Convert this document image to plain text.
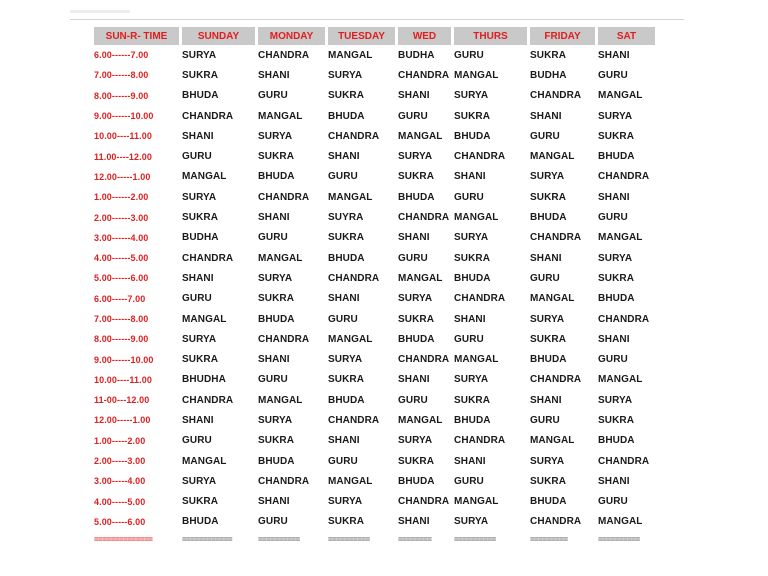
SUN-R- TIME	SUNDAY	MONDAY	TUESDAY	WED	THURS	FRIDAY	SAT
6.00------7.00	SURYA	CHANDRA	MANGAL	BUDHA	GURU	SUKRA	SHANI
7.00------8.00	SUKRA	SHANI	SURYA	CHANDRA	MANGAL	BUDHA	GURU
8.00------9.00	BHUDA	GURU	SUKRA	SHANI	SURYA	CHANDRA	MANGAL
9.00------10.00	CHANDRA	MANGAL	BHUDA	GURU	SUKRA	SHANI	SURYA
10.00----11.00	SHANI	SURYA	CHANDRA	MANGAL	BHUDA	GURU	SUKRA
11.00----12.00	GURU	SUKRA	SHANI	SURYA	CHANDRA	MANGAL	BHUDA
12.00-----1.00	MANGAL	BHUDA	GURU	SUKRA	SHANI	SURYA	CHANDRA
1.00------2.00	SURYA	CHANDRA	MANGAL	BHUDA	GURU	SUKRA	SHANI
2.00------3.00	SUKRA	SHANI	SUYRA	CHANDRA	MANGAL	BHUDA	GURU
3.00------4.00	BUDHA	GURU	SUKRA	SHANI	SURYA	CHANDRA	MANGAL
4.00------5.00	CHANDRA	MANGAL	BHUDA	GURU	SUKRA	SHANI	SURYA
5.00------6.00	SHANI	SURYA	CHANDRA	MANGAL	BHUDA	GURU	SUKRA
6.00-----7.00	GURU	SUKRA	SHANI	SURYA	CHANDRA	MANGAL	BHUDA
7.00------8.00	MANGAL	BHUDA	GURU	SUKRA	SHANI	SURYA	CHANDRA
8.00------9.00	SURYA	CHANDRA	MANGAL	BHUDA	GURU	SUKRA	SHANI
9.00------10.00	SUKRA	SHANI	SURYA	CHANDRA	MANGAL	BHUDA	GURU
10.00----11.00	BHUDHA	GURU	SUKRA	SHANI	SURYA	CHANDRA	MANGAL
11-00---12.00	CHANDRA	MANGAL	BHUDA	GURU	SUKRA	SHANI	SURYA
12.00-----1.00	SHANI	SURYA	CHANDRA	MANGAL	BHUDA	GURU	SUKRA
1.00-----2.00	GURU	SUKRA	SHANI	SURYA	CHANDRA	MANGAL	BHUDA
2.00-----3.00	MANGAL	BHUDA	GURU	SUKRA	SHANI	SURYA	CHANDRA
3.00-----4.00	SURYA	CHANDRA	MANGAL	BHUDA	GURU	SUKRA	SHANI
4.00-----5.00	SUKRA	SHANI	SURYA	CHANDRA	MANGAL	BHUDA	GURU
5.00-----6.00	BHUDA	GURU	SUKRA	SHANI	SURYA	CHANDRA	MANGAL
==============	============	==========	==========	========	==========	=========	==========
